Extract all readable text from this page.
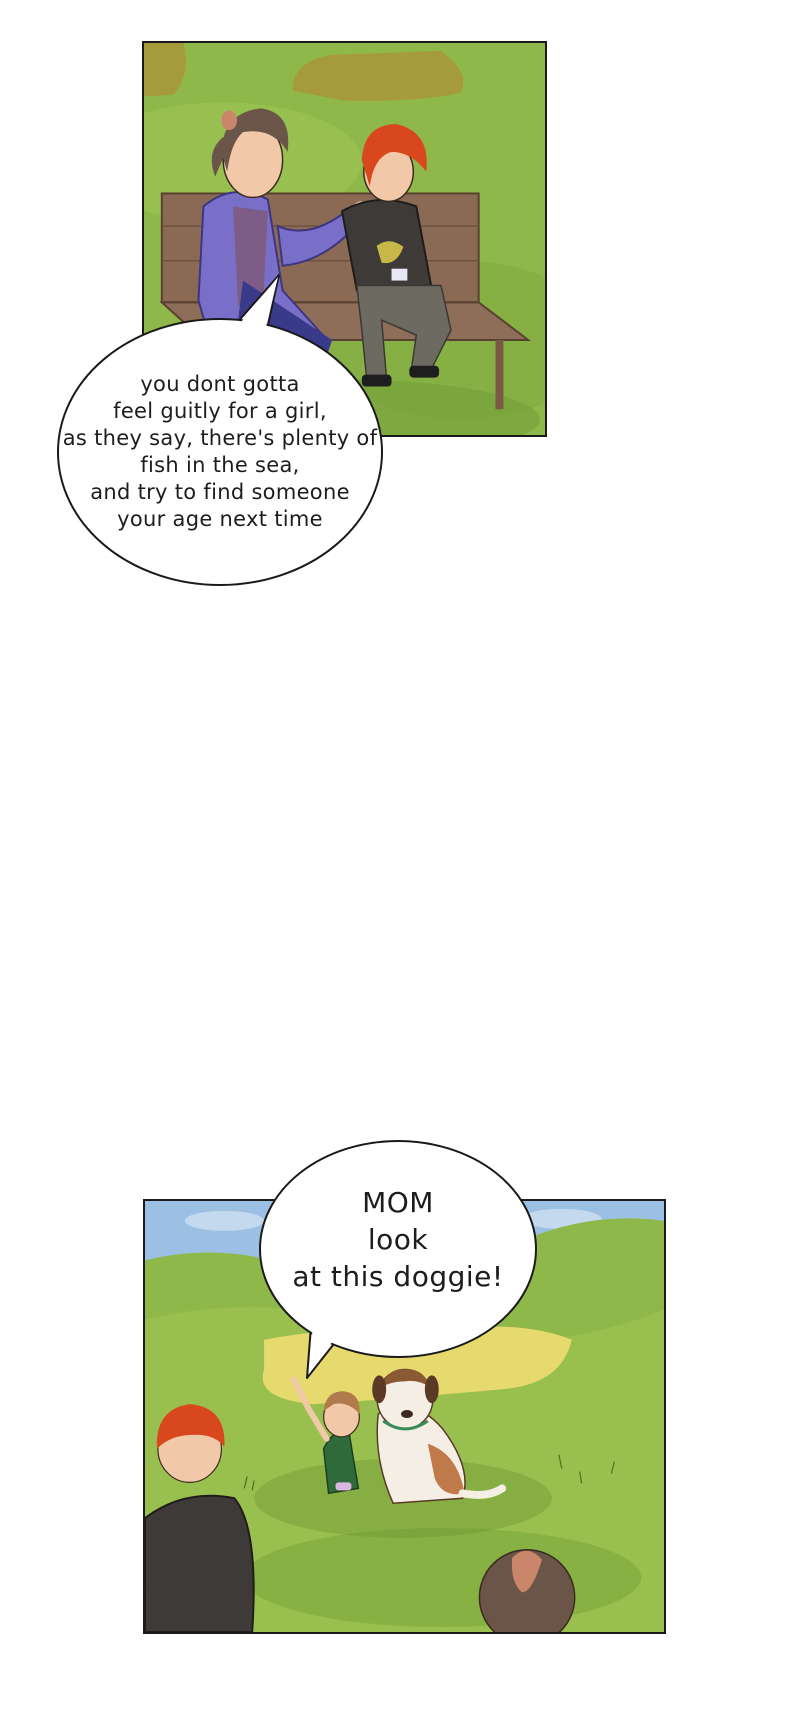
you dont gotta
feel guitly for a girl,
as they say, there's plenty of
fish in the sea,
and try to find someone
your age next time
MOM
look
at this doggie!
